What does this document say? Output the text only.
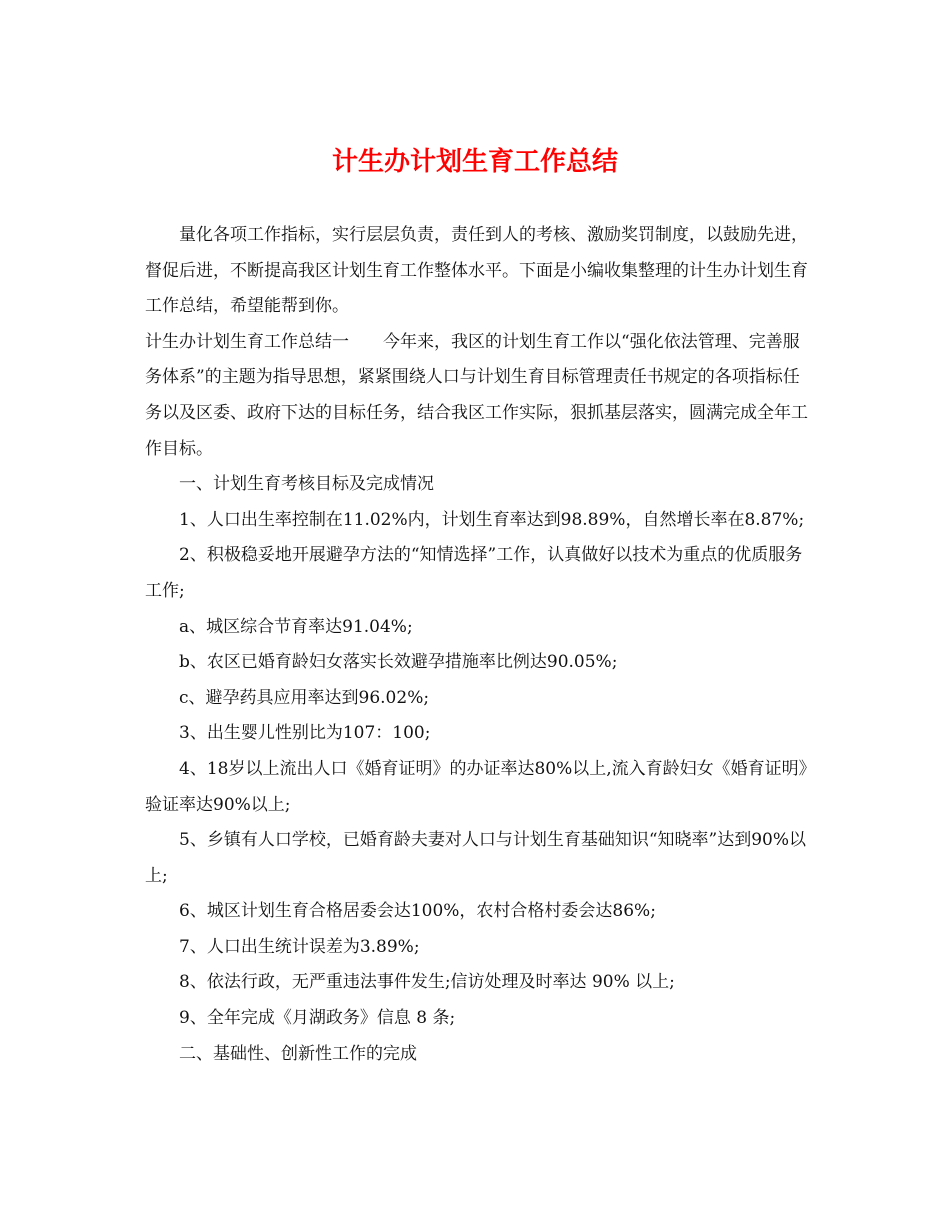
计生办计划生育工作总结

量化各项工作指标，实行层层负责，责任到人的考核、激励奖罚制度，以鼓励先进，督促后进，不断提高我区计划生育工作整体水平。下面是小编收集整理的计生办计划生育工作总结，希望能帮到你。

计生办计划生育工作总结一　　今年来，我区的计划生育工作以“强化依法管理、完善服务体系”的主题为指导思想，紧紧围绕人口与计划生育目标管理责任书规定的各项指标任务以及区委、政府下达的目标任务，结合我区工作实际，狠抓基层落实，圆满完成全年工作目标。

一、计划生育考核目标及完成情况

1、人口出生率控制在11.02%内，计划生育率达到98.89%，自然增长率在8.87%;

2、积极稳妥地开展避孕方法的“知情选择”工作，认真做好以技术为重点的优质服务工作;

a、城区综合节育率达91.04%;

b、农区已婚育龄妇女落实长效避孕措施率比例达90.05%;

c、避孕药具应用率达到96.02%;

3、出生婴儿性别比为107：100;

4、18岁以上流出人口《婚育证明》的办证率达80%以上,流入育龄妇女《婚育证明》验证率达90%以上;

5、乡镇有人口学校，已婚育龄夫妻对人口与计划生育基础知识“知晓率”达到90%以上;

6、城区计划生育合格居委会达100%，农村合格村委会达86%;

7、人口出生统计误差为3.89%;

8、依法行政，无严重违法事件发生;信访处理及时率达 90% 以上;

9、全年完成《月湖政务》信息 8 条;

二、基础性、创新性工作的完成
